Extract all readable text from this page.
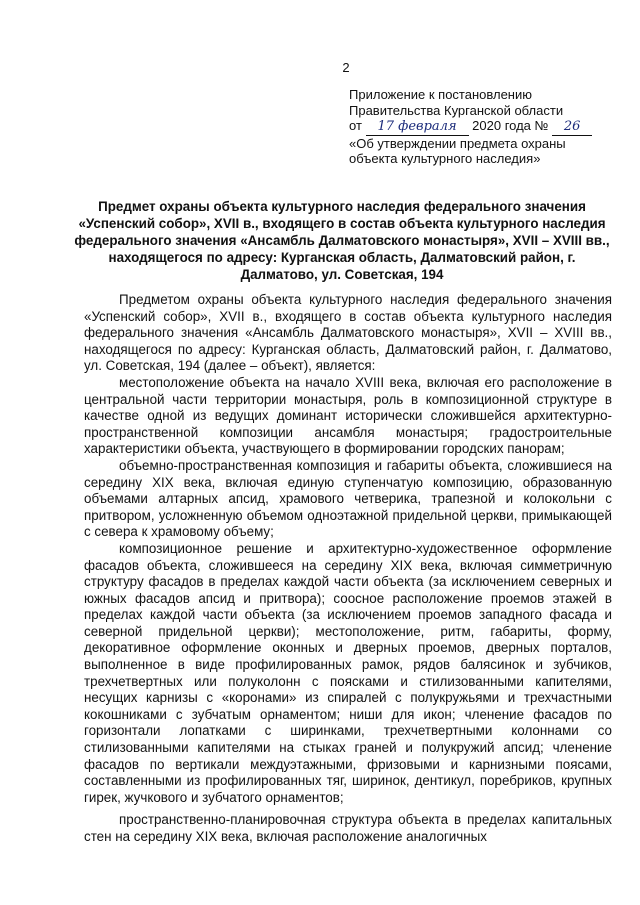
2
Приложение к постановлению
Правительства Курганской области
от 17 февраля 2020 года № 26
«Об утверждении предмета охраны
объекта культурного наследия»
Предмет охраны объекта культурного наследия федерального значения «Успенский собор», XVII в., входящего в состав объекта культурного наследия федерального значения «Ансамбль Далматовского монастыря», XVII – XVIII вв., находящегося по адресу: Курганская область, Далматовский район, г. Далматово, ул. Советская, 194

Предметом охраны объекта культурного наследия федерального значения «Успенский собор», XVII в., входящего в состав объекта культурного наследия федерального значения «Ансамбль Далматовского монастыря», XVII – XVIII вв., находящегося по адресу: Курганская область, Далматовский район, г. Далматово, ул. Советская, 194 (далее – объект), является:

местоположение объекта на начало XVIII века, включая его расположение в центральной части территории монастыря, роль в композиционной структуре в качестве одной из ведущих доминант исторически сложившейся архитектурно-пространственной композиции ансамбля монастыря; градостроительные характеристики объекта, участвующего в формировании городских панорам;

объемно-пространственная композиция и габариты объекта, сложившиеся на середину XIX века, включая единую ступенчатую композицию, образованную объемами алтарных апсид, храмового четверика, трапезной и колокольни с притвором, усложненную объемом одноэтажной придельной церкви, примыкающей с севера к храмовому объему;

композиционное решение и архитектурно-художественное оформление фасадов объекта, сложившееся на середину XIX века, включая симметричную структуру фасадов в пределах каждой части объекта (за исключением северных и южных фасадов апсид и притвора); соосное расположение проемов этажей в пределах каждой части объекта (за исключением проемов западного фасада и северной придельной церкви); местоположение, ритм, габариты, форму, декоративное оформление оконных и дверных проемов, дверных порталов, выполненное в виде профилированных рамок, рядов балясинок и зубчиков, трехчетвертных или полуколонн с поясками и стилизованными капителями, несущих карнизы с «коронами» из спиралей с полукружьями и трехчастными кокошниками с зубчатым орнаментом; ниши для икон; членение фасадов по горизонтали лопатками с ширинками, трехчетвертными колоннами со стилизованными капителями на стыках граней и полукружий апсид; членение фасадов по вертикали междуэтажными, фризовыми и карнизными поясами, составленными из профилированных тяг, ширинок, дентикул, поребриков, крупных гирек, жучкового и зубчатого орнаментов;

пространственно-планировочная структура объекта в пределах капитальных стен на середину XIX века, включая расположение аналогичных
